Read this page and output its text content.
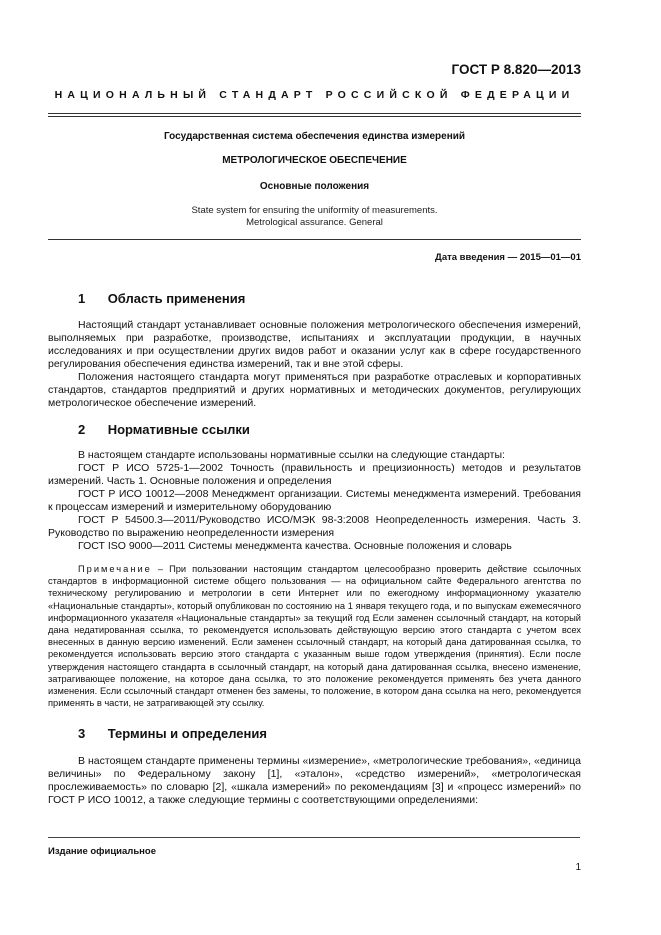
ГОСТ Р 8.820—2013
НАЦИОНАЛЬНЫЙ СТАНДАРТ РОССИЙСКОЙ ФЕДЕРАЦИИ
Государственная система обеспечения единства измерений
МЕТРОЛОГИЧЕСКОЕ ОБЕСПЕЧЕНИЕ
Основные положения
State system for ensuring the uniformity of measurements.
Metrological assurance. General
Дата введения — 2015—01—01
1 Область применения

Настоящий стандарт устанавливает основные положения метрологического обеспечения измерений, выполняемых при разработке, производстве, испытаниях и эксплуатации продукции, в научных исследованиях и при осуществлении других видов работ и оказании услуг как в сфере государственного регулирования обеспечения единства измерений, так и вне этой сферы.

Положения настоящего стандарта могут применяться при разработке отраслевых и корпоративных стандартов, стандартов предприятий и других нормативных и методических документов, регулирующих метрологическое обеспечение измерений.

2 Нормативные ссылки

В настоящем стандарте использованы нормативные ссылки на следующие стандарты:

ГОСТ Р ИСО 5725-1—2002 Точность (правильность и прецизионность) методов и результатов измерений. Часть 1. Основные положения и определения

ГОСТ Р ИСО 10012—2008 Менеджмент организации. Системы менеджмента измерений. Требования к процессам измерений и измерительному оборудованию

ГОСТ Р 54500.3—2011/Руководство ИСО/МЭК 98-3:2008 Неопределенность измерения. Часть 3. Руководство по выражению неопределенности измерения

ГОСТ ISO 9000—2011 Системы менеджмента качества. Основные положения и словарь

Примечание – При пользовании настоящим стандартом целесообразно проверить действие ссылочных стандартов в информационной системе общего пользования — на официальном сайте Федерального агентства по техническому регулированию и метрологии в сети Интернет или по ежегодному информационному указателю «Национальные стандарты», который опубликован по состоянию на 1 января текущего года, и по выпускам ежемесячного информационного указателя «Национальные стандарты» за текущий год Если заменен ссылочный стандарт, на который дана недатированная ссылка, то рекомендуется использовать действующую версию этого стандарта с учетом всех внесенных в данную версию изменений. Если заменен ссылочный стандарт, на который дана датированная ссылка, то рекомендуется использовать версию этого стандарта с указанным выше годом утверждения (принятия). Если после утверждения настоящего стандарта в ссылочный стандарт, на который дана датированная ссылка, внесено изменение, затрагивающее положение, на которое дана ссылка, то это положение рекомендуется применять без учета данного изменения. Если ссылочный стандарт отменен без замены, то положение, в котором дана ссылка на него, рекомендуется применять в части, не затрагивающей эту ссылку.

3 Термины и определения

В настоящем стандарте применены термины «измерение», «метрологические требования», «единица величины» по Федеральному закону [1], «эталон», «средство измерений», «метрологическая прослеживаемость» по словарю [2], «шкала измерений» по рекомендациям [3] и «процесс измерений» по ГОСТ Р ИСО 10012, а также следующие термины с соответствующими определениями:

Издание официальное
1
